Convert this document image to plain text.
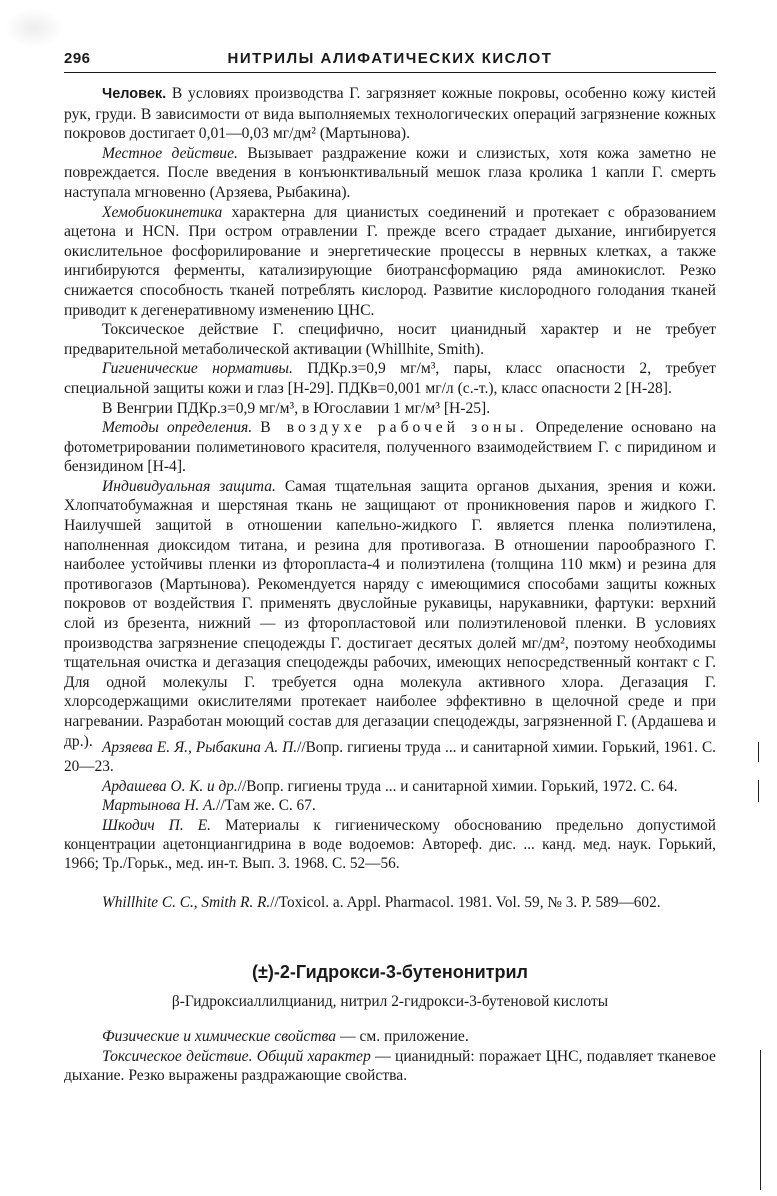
296	НИТРИЛЫ АЛИФАТИЧЕСКИХ КИСЛОТ

Человек. В условиях производства Г. загрязняет кожные покровы, особенно кожу кистей рук, груди. В зависимости от вида выполняемых технологических операций загрязнение кожных покровов достигает 0,01—0,03 мг/дм² (Мартынова).

Местное действие. Вызывает раздражение кожи и слизистых, хотя кожа заметно не повреждается. После введения в конъюнктивальный мешок глаза кролика 1 капли Г. смерть наступала мгновенно (Арзяева, Рыбакина).

Хемобиокинетика характерна для цианистых соединений и протекает с образованием ацетона и HCN. При остром отравлении Г. прежде всего страдает дыхание, ингибируется окислительное фосфорилирование и энергетические процессы в нервных клетках, а также ингибируются ферменты, катализирующие биотрансформацию ряда аминокислот. Резко снижается способность тканей потреблять кислород. Развитие кислородного голодания тканей приводит к дегенеративному изменению ЦНС.

Токсическое действие Г. специфично, носит цианидный характер и не требует предварительной метаболической активации (Whillhite, Smith).

Гигиенические нормативы. ПДКр.з=0,9 мг/м³, пары, класс опасности 2, требует специальной защиты кожи и глаз [Н-29]. ПДКв=0,001 мг/л (с.-т.), класс опасности 2 [Н-28].

В Венгрии ПДКр.з=0,9 мг/м³, в Югославии 1 мг/м³ [Н-25].

Методы определения. В воздухе рабочей зоны. Определение основано на фотометрировании полиметинового красителя, полученного взаимодействием Г. с пиридином и бензидином [Н-4].

Индивидуальная защита. Самая тщательная защита органов дыхания, зрения и кожи. Хлопчатобумажная и шерстяная ткань не защищают от проникновения паров и жидкого Г. Наилучшей защитой в отношении капельно-жидкого Г. является пленка полиэтилена, наполненная диоксидом титана, и резина для противогаза. В отношении парообразного Г. наиболее устойчивы пленки из фторопласта-4 и полиэтилена (толщина 110 мкм) и резина для противогазов (Мартынова). Рекомендуется наряду с имеющимися способами защиты кожных покровов от воздействия Г. применять двуслойные рукавицы, нарукавники, фартуки: верхний слой из брезента, нижний — из фторопластовой или полиэтиленовой пленки. В условиях производства загрязнение спецодежды Г. достигает десятых долей мг/дм², поэтому необходимы тщательная очистка и дегазация спецодежды рабочих, имеющих непосредственный контакт с Г. Для одной молекулы Г. требуется одна молекула активного хлора. Дегазация Г. хлорсодержащими окислителями протекает наиболее эффективно в щелочной среде и при нагревании. Разработан моющий состав для дегазации спецодежды, загрязненной Г. (Ардашева и др.). Арзяева Е. Я., Рыбакина А. П.//Вопр. гигиены труда ... и санитарной химии. Горький, 1961. С. 20—23.

Ардашева О. К. и др.//Вопр. гигиены труда ... и санитарной химии. Горький, 1972. С. 64.

Мартынова Н. А.//Там же. С. 67.

Шкодич П. Е. Материалы к гигиеническому обоснованию предельно допустимой концентрации ацетонциангидрина в воде водоемов: Автореф. дис. ... канд. мед. наук. Горький, 1966; Тр./Горьк., мед. ин-т. Вып. 3. 1968. С. 52—56.

Whillhite C. C., Smith R. R.//Toxicol. a. Appl. Pharmacol. 1981. Vol. 59, № 3. P. 589—602.

(±)-2-Гидрокси-3-бутенонитрил
β-Гидроксиаллилцианид, нитрил 2-гидрокси-3-бутеновой кислоты

Физические и химические свойства — см. приложение.

Токсическое действие. Общий характер — цианидный: поражает ЦНС, подавляет тканевое дыхание. Резко выражены раздражающие свойства.
